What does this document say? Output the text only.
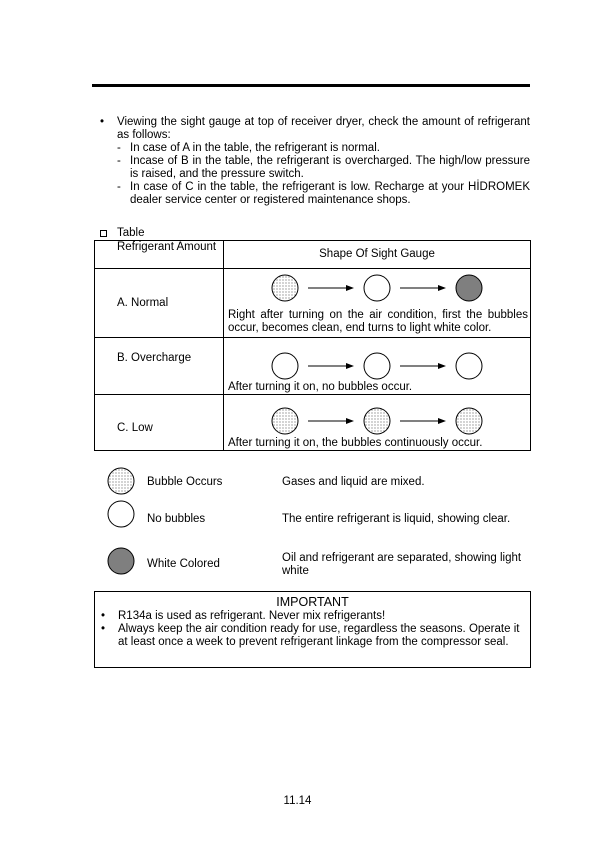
•	Viewing the sight gauge at top of receiver dryer, check the amount of refrigerant as follows:
- In case of A in the table, the refrigerant is normal.
- Incase of B in the table, the refrigerant is overcharged. The high/low pressure is raised, and the pressure switch.
- In case of C in the table, the refrigerant is low. Recharge at your HİDROMEK dealer service center or registered maintenance shops.
Table
Refrigerant Amount	Shape Of Sight Gauge

A. Normal	Right after turning on the air condition, first the bubbles occur, becomes clean, end turns to light white color.

B. Overcharge	After turning it on, no bubbles occur.

C. Low	After turning it on, the bubbles continuously occur.
Bubble Occurs	Gases and liquid are mixed.
No bubbles	The entire refrigerant is liquid, showing clear.
White Colored	Oil and refrigerant are separated, showing light white
IMPORTANT
•	R134a is used as refrigerant. Never mix refrigerants!
•	Always keep the air condition ready for use, regardless the seasons. Operate it at least once a week to prevent refrigerant linkage from the compressor seal.
11.14
